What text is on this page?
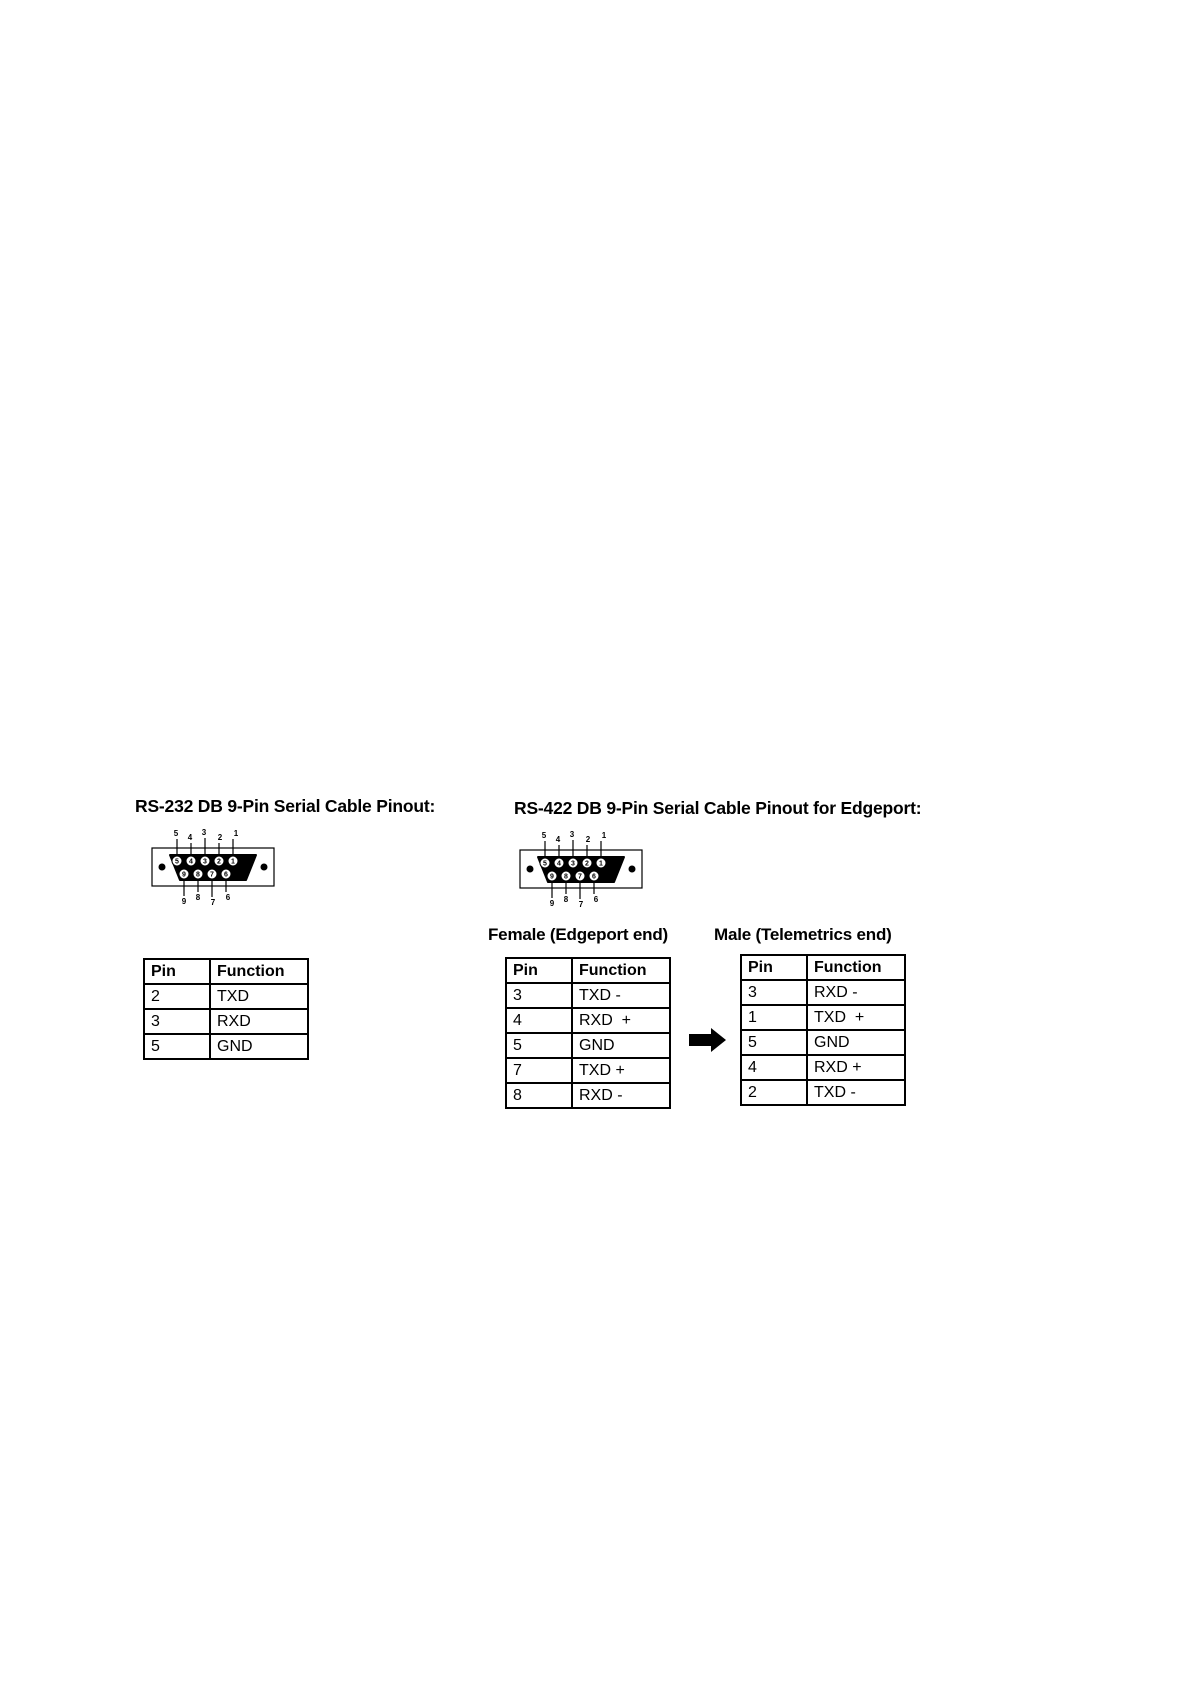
RS-232 DB 9-Pin Serial Cable Pinout:
5
5
4
4
3
3
2
2
1
1
9
9
8
8
7
7
6
6
Pin	Function
2	TXD
3	RXD
5	GND
RS-422 DB 9-Pin Serial Cable Pinout for Edgeport:
5
5
4
4
3
3
2
2
1
1
9
9
8
8
7
7
6
6
Female (Edgeport end)	Male (Telemetrics end)
Pin	Function
3	TXD -
4	RXD  +
5	GND
7	TXD +
8	RXD -
Pin	Function
3	RXD -
1	TXD  +
5	GND
4	RXD +
2	TXD -
